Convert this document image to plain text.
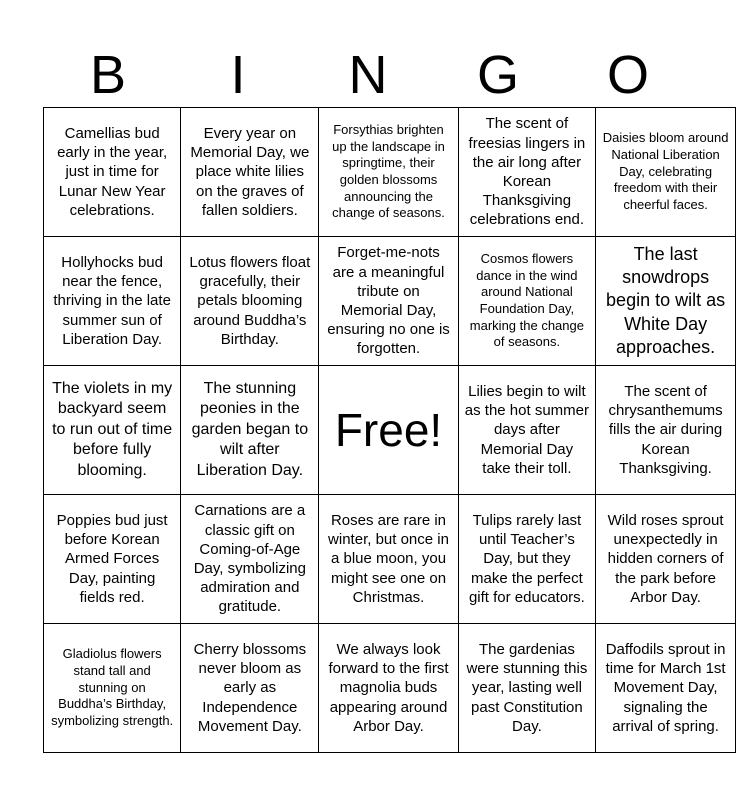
B	I	N	G	O
Camellias bud early in the year, just in time for Lunar New Year celebrations.	Every year on Memorial Day, we place white lilies on the graves of fallen soldiers.	Forsythias brighten up the landscape in springtime, their golden blossoms announcing the change of seasons.	The scent of freesias lingers in the air long after Korean Thanksgiving celebrations end.	Daisies bloom around National Liberation Day, celebrating freedom with their cheerful faces.
Hollyhocks bud near the fence, thriving in the late summer sun of Liberation Day.	Lotus flowers float gracefully, their petals blooming around Buddha’s Birthday.	Forget-me-nots are a meaningful tribute on Memorial Day, ensuring no one is forgotten.	Cosmos flowers dance in the wind around National Foundation Day, marking the change of seasons.	The last snowdrops begin to wilt as White Day approaches.
The violets in my backyard seem to run out of time before fully blooming.	The stunning peonies in the garden began to wilt after Liberation Day.	Free!	Lilies begin to wilt as the hot summer days after Memorial Day take their toll.	The scent of chrysanthemums fills the air during Korean Thanksgiving.
Poppies bud just before Korean Armed Forces Day, painting fields red.	Carnations are a classic gift on Coming-of-Age Day, symbolizing admiration and gratitude.	Roses are rare in winter, but once in a blue moon, you might see one on Christmas.	Tulips rarely last until Teacher’s Day, but they make the perfect gift for educators.	Wild roses sprout unexpectedly in hidden corners of the park before Arbor Day.
Gladiolus flowers stand tall and stunning on Buddha’s Birthday, symbolizing strength.	Cherry blossoms never bloom as early as Independence Movement Day.	We always look forward to the first magnolia buds appearing around Arbor Day.	The gardenias were stunning this year, lasting well past Constitution Day.	Daffodils sprout in time for March 1st Movement Day, signaling the arrival of spring.
